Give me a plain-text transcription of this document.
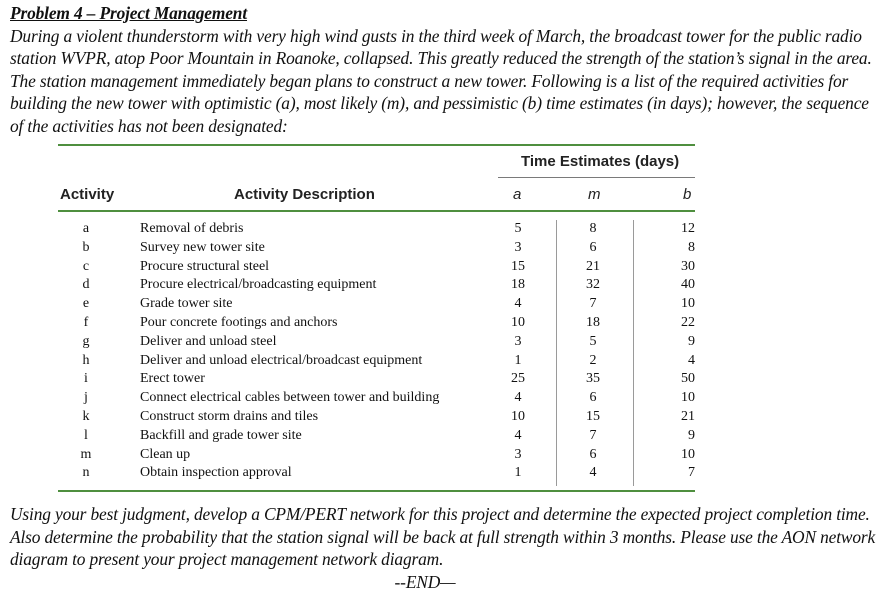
Problem 4 – Project Management
During a violent thunderstorm with very high wind gusts in the third week of March, the broadcast tower for the public radio station WVPR, atop Poor Mountain in Roanoke, collapsed. This greatly reduced the strength of the station’s signal in the area. The station management immediately began plans to construct a new tower. Following is a list of the required activities for building the new tower with optimistic (a), most likely (m), and pessimistic (b) time estimates (in days); however, the sequence of the activities has not been designated:
Time Estimates (days)
Activity	Activity Description	a	m	b
a	Removal of debris	5	8	12
b	Survey new tower site	3	6	8
c	Procure structural steel	15	21	30
d	Procure electrical/broadcasting equipment	18	32	40
e	Grade tower site	4	7	10
f	Pour concrete footings and anchors	10	18	22
g	Deliver and unload steel	3	5	9
h	Deliver and unload electrical/broadcast equipment	1	2	4
i	Erect tower	25	35	50
j	Connect electrical cables between tower and building	4	6	10
k	Construct storm drains and tiles	10	15	21
l	Backfill and grade tower site	4	7	9
m	Clean up	3	6	10
n	Obtain inspection approval	1	4	7
Using your best judgment, develop a CPM/PERT network for this project and determine the expected project completion time. Also determine the probability that the station signal will be back at full strength within 3 months. Please use the AON network diagram to present your project management network diagram.
--END—
